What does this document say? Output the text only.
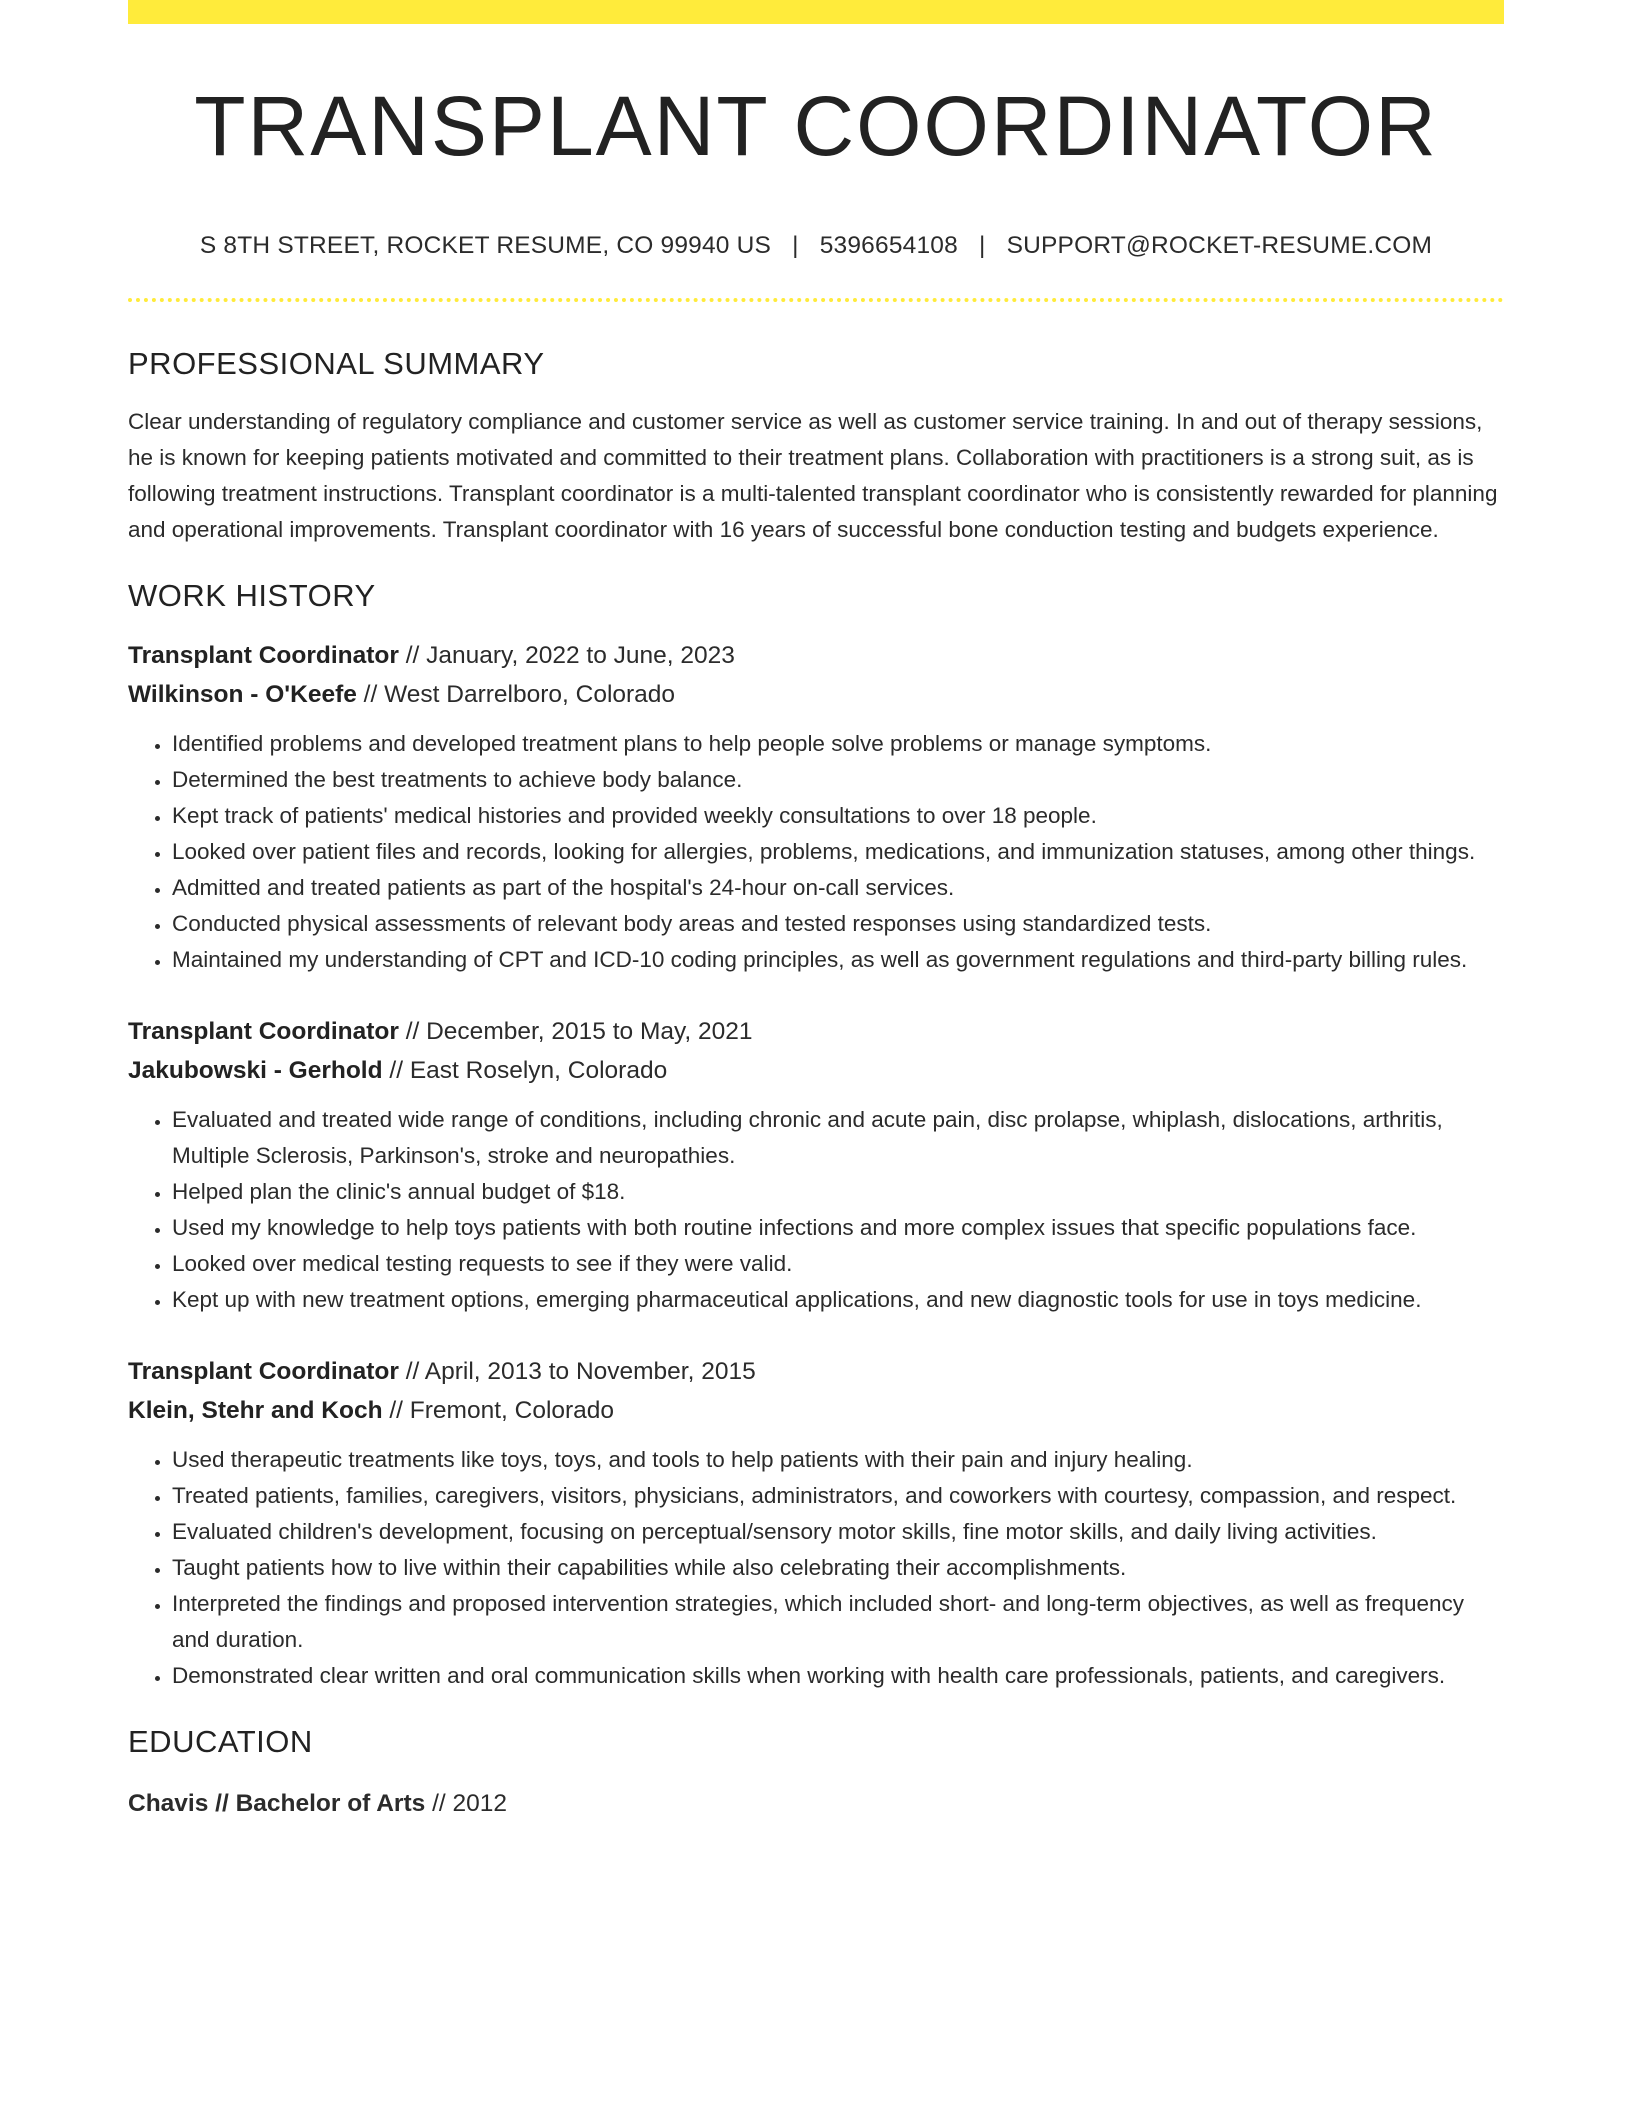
TRANSPLANT COORDINATOR
S 8TH STREET, ROCKET RESUME, CO 99940 US | 5396654108 | SUPPORT@ROCKET-RESUME.COM
PROFESSIONAL SUMMARY
Clear understanding of regulatory compliance and customer service as well as customer service training. In and out of therapy sessions, he is known for keeping patients motivated and committed to their treatment plans. Collaboration with practitioners is a strong suit, as is following treatment instructions. Transplant coordinator is a multi-talented transplant coordinator who is consistently rewarded for planning and operational improvements. Transplant coordinator with 16 years of successful bone conduction testing and budgets experience.
WORK HISTORY
Transplant Coordinator // January, 2022 to June, 2023
Wilkinson - O'Keefe // West Darrelboro, Colorado
• Identified problems and developed treatment plans to help people solve problems or manage symptoms.
• Determined the best treatments to achieve body balance.
• Kept track of patients' medical histories and provided weekly consultations to over 18 people.
• Looked over patient files and records, looking for allergies, problems, medications, and immunization statuses, among other things.
• Admitted and treated patients as part of the hospital's 24-hour on-call services.
• Conducted physical assessments of relevant body areas and tested responses using standardized tests.
• Maintained my understanding of CPT and ICD-10 coding principles, as well as government regulations and third-party billing rules.
Transplant Coordinator // December, 2015 to May, 2021
Jakubowski - Gerhold // East Roselyn, Colorado
• Evaluated and treated wide range of conditions, including chronic and acute pain, disc prolapse, whiplash, dislocations, arthritis, Multiple Sclerosis, Parkinson's, stroke and neuropathies.
• Helped plan the clinic's annual budget of $18.
• Used my knowledge to help toys patients with both routine infections and more complex issues that specific populations face.
• Looked over medical testing requests to see if they were valid.
• Kept up with new treatment options, emerging pharmaceutical applications, and new diagnostic tools for use in toys medicine.
Transplant Coordinator // April, 2013 to November, 2015
Klein, Stehr and Koch // Fremont, Colorado
• Used therapeutic treatments like toys, toys, and tools to help patients with their pain and injury healing.
• Treated patients, families, caregivers, visitors, physicians, administrators, and coworkers with courtesy, compassion, and respect.
• Evaluated children's development, focusing on perceptual/sensory motor skills, fine motor skills, and daily living activities.
• Taught patients how to live within their capabilities while also celebrating their accomplishments.
• Interpreted the findings and proposed intervention strategies, which included short- and long-term objectives, as well as frequency and duration.
• Demonstrated clear written and oral communication skills when working with health care professionals, patients, and caregivers.
EDUCATION
Chavis // Bachelor of Arts // 2012
